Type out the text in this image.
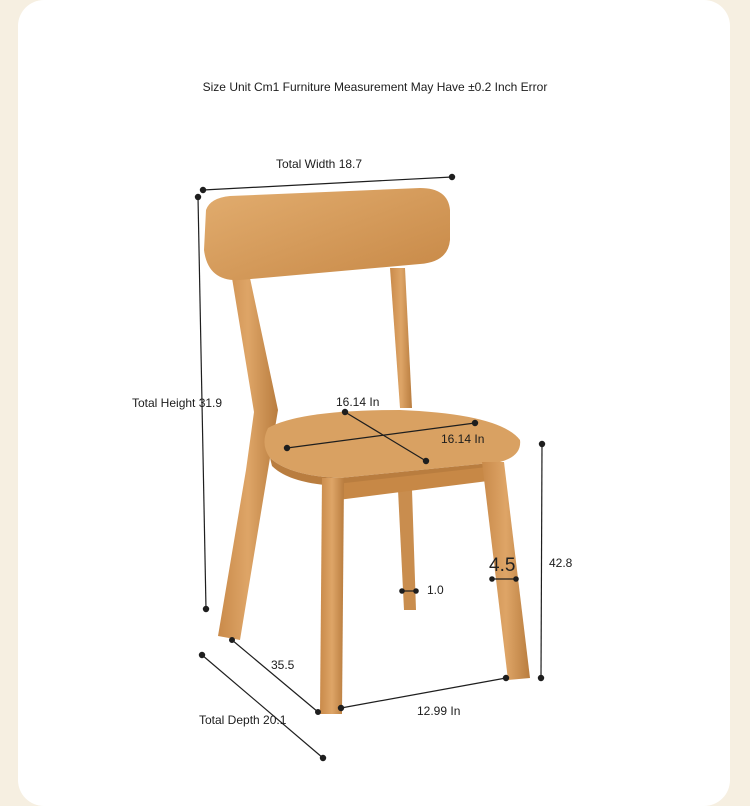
Size Unit Cm1 Furniture Measurement May Have ±0.2 Inch Error
Total Width 18.7
Total Height 31.9	16.14 In
16.14 In
42.8
4.5
1.0
35.5
Total Depth 20.1
12.99 In
